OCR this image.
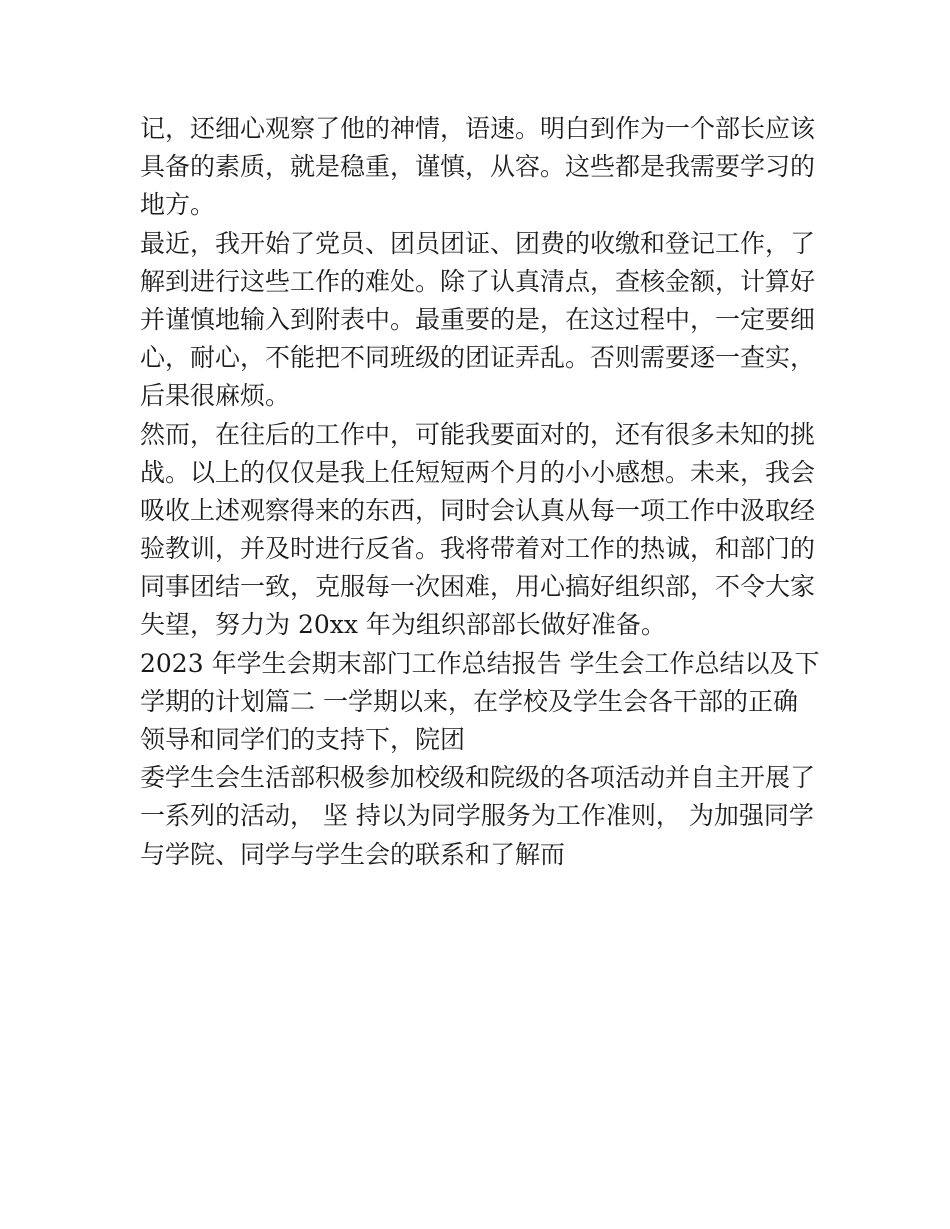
记，还细心观察了他的神情，语速。明白到作为一个部长应该

具备的素质，就是稳重，谨慎，从容。这些都是我需要学习的

地方。

最近，我开始了党员、团员团证、团费的收缴和登记工作，了

解到进行这些工作的难处。除了认真清点，查核金额，计算好

并谨慎地输入到附表中。最重要的是，在这过程中，一定要细

心，耐心，不能把不同班级的团证弄乱。否则需要逐一查实，

后果很麻烦。

然而，在往后的工作中，可能我要面对的，还有很多未知的挑

战。以上的仅仅是我上任短短两个月的小小感想。未来，我会

吸收上述观察得来的东西，同时会认真从每一项工作中汲取经

验教训，并及时进行反省。我将带着对工作的热诚，和部门的

同事团结一致，克服每一次困难，用心搞好组织部，不令大家

失望，努力为 20xx 年为组织部部长做好准备。

2023 年学生会期末部门工作总结报告 学生会工作总结以及下

学期的计划篇二 一学期以来，在学校及学生会各干部的正确

领导和同学们的支持下，院团

委学生会生活部积极参加校级和院级的各项活动并自主开展了

一系列的活动， 坚 持以为同学服务为工作准则， 为加强同学

与学院、同学与学生会的联系和了解而
